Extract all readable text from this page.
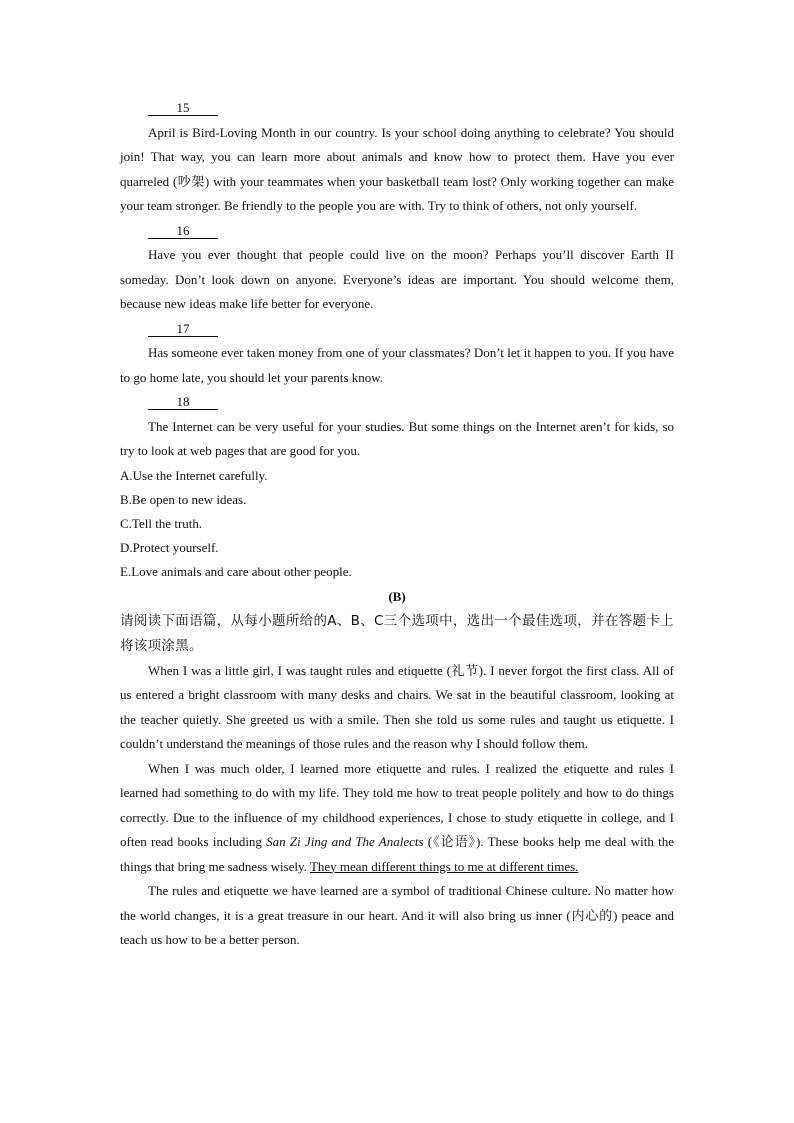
15

April is Bird-Loving Month in our country. Is your school doing anything to celebrate? You should join! That way, you can learn more about animals and know how to protect them. Have you ever quarreled (吵架) with your teammates when your basketball team lost? Only working together can make your team stronger. Be friendly to the people you are with. Try to think of others, not only yourself.

16

Have you ever thought that people could live on the moon? Perhaps you’ll discover Earth II someday. Don’t look down on anyone. Everyone’s ideas are important. You should welcome them, because new ideas make life better for everyone.

17

Has someone ever taken money from one of your classmates? Don’t let it happen to you. If you have to go home late, you should let your parents know.

18

The Internet can be very useful for your studies. But some things on the Internet aren’t for kids, so try to look at web pages that are good for you.

A.Use the Internet carefully.

B.Be open to new ideas.

C.Tell the truth.

D.Protect yourself.

E.Love animals and care about other people.

(B)

请阅读下面语篇，从每小题所给的A、B、C三个选项中，选出一个最佳选项，并在答题卡上将该项涂黑。

When I was a little girl, I was taught rules and etiquette (礼节). I never forgot the first class. All of us entered a bright classroom with many desks and chairs. We sat in the beautiful classroom, looking at the teacher quietly. She greeted us with a smile. Then she told us some rules and taught us etiquette. I couldn’t understand the meanings of those rules and the reason why I should follow them.

When I was much older, I learned more etiquette and rules. I realized the etiquette and rules I learned had something to do with my life. They told me how to treat people politely and how to do things correctly. Due to the influence of my childhood experiences, I chose to study etiquette in college, and I often read books including San Zi Jing and The Analects (《论语》). These books help me deal with the things that bring me sadness wisely. They mean different things to me at different times.

The rules and etiquette we have learned are a symbol of traditional Chinese culture. No matter how the world changes, it is a great treasure in our heart. And it will also bring us inner (内心的) peace and teach us how to be a better person.
